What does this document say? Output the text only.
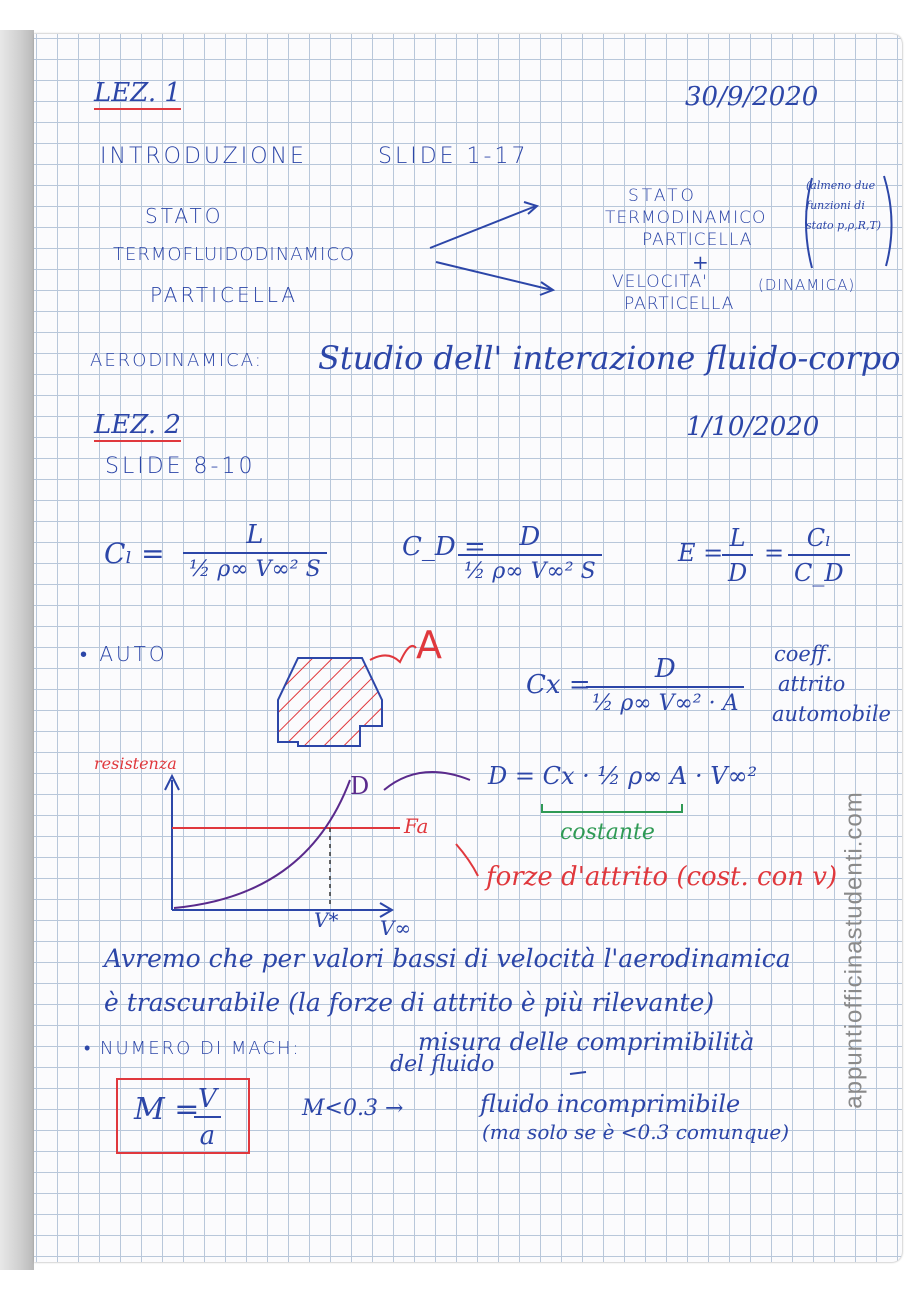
LEZ. 1	30/9/2020
INTRODUZIONE	SLIDE 1-17
STATO
TERMOFLUIDODINAMICO
PARTICELLA
STATO
TERMODINAMICO
PARTICELLA
+
(almeno due funzioni di stato p,ρ,R,T)
VELOCITA'
PARTICELLA
(DINAMICA)
AERODINAMICA: Studio dell' interazione fluido-corpo
LEZ. 2	1/10/2020
SLIDE 8-10
Cₗ =
L
½ ρ∞ V∞² S
C_D = D
½ ρ∞ V∞² S
E =
$\frac{L}{D} = \frac{\text{Cₗ}}{C\_D}$
• AUTO	A
Cx =
D
½ ρ∞ V∞² · A
coeff.
attrito
automobile
resistenza
D	D = Cx · ½ ρ∞ A · V∞²
costante
Fa
forze d'attrito (cost. con v)
V* V∞
Avremo che per valori bassi di velocità l'aerodinamica
è trascurabile (la forze di attrito è più rilevante)
• NUMERO DI MACH:	misura delle comprimibilità
del fluido
M =
$\frac{V}{a}$	M<0.3 →	fluido incomprimibile
(ma solo se è <0.3 comunque)
appuntiofficinastudenti.com
